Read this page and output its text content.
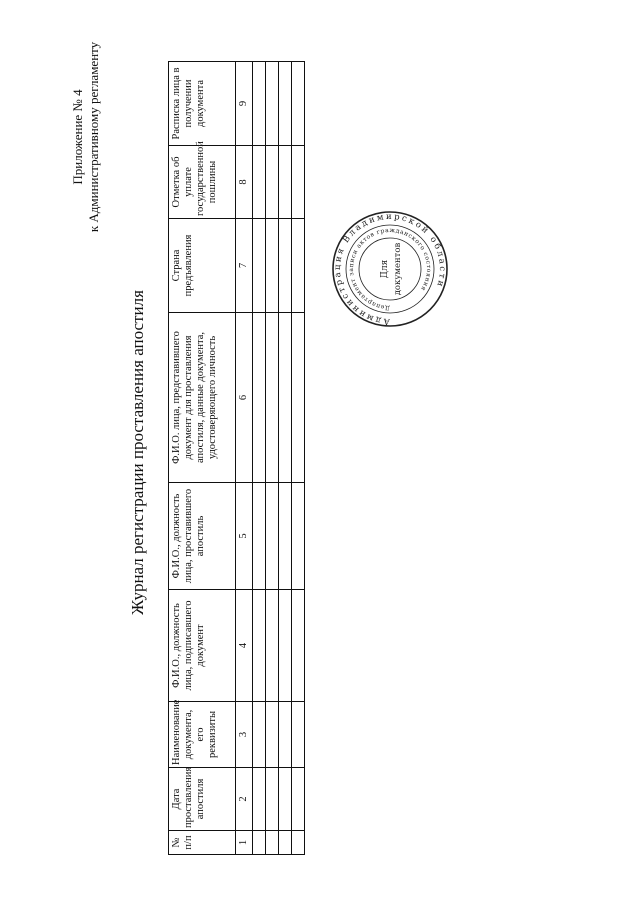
Приложение № 4 к Административному регламенту
Журнал регистрации проставления апостиля
№ п/п	Дата проставления апостиля	Наименование документа, его реквизиты	Ф.И.О., должность лица, подписавшего документ	Ф.И.О., должность лица, проставившего апостиль	Ф.И.О. лица, представившего документ для проставления апостиля, данные документа, удостоверяющего личность	Страна предъявления	Отметка об уплате государственной пошлины	Расписка лица в получении документа
1	2	3	4	5	6	7	8	9

Администрация Владимирской области
Департамент записи актов гражданского состояния
Для документов
